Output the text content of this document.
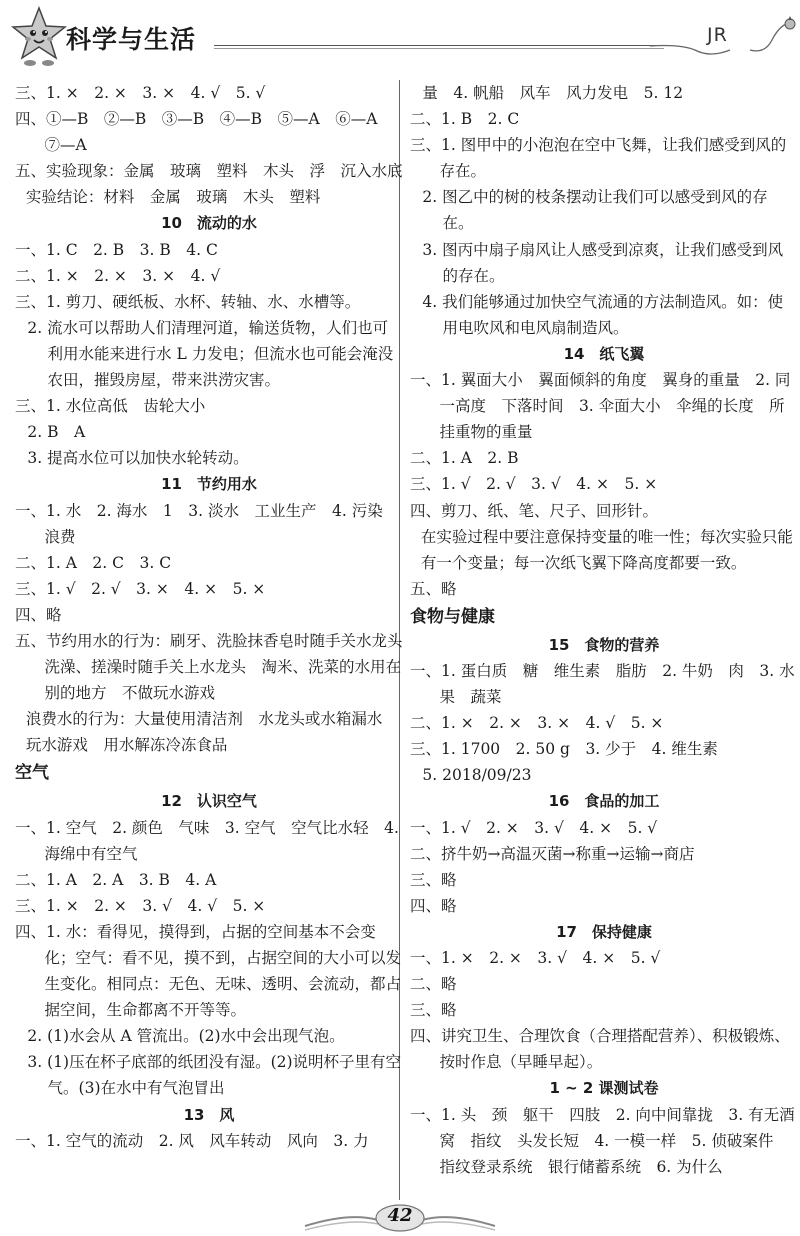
科学与生活	JR
三、1. ×　2. ×　3. ×　4. √　5. √
四、①—B　②—B　③—B　④—B　⑤—A　⑥—A　⑦—A
五、实验现象：金属　玻璃　塑料　木头　浮　沉入水底
实验结论：材料　金属　玻璃　木头　塑料
10　流动的水
一、1. C　2. B　3. B　4. C
二、1. ×　2. ×　3. ×　4. √
三、1. 剪刀、硬纸板、水杯、转轴、水、水槽等。
2. 流水可以帮助人们清理河道，输送货物，人们也可利用水能来进行水 L 力发电；但流水也可能会淹没农田，摧毁房屋，带来洪涝灾害。
三、1. 水位高低　齿轮大小
2. B　A
3. 提高水位可以加快水轮转动。
11　节约用水
一、1. 水　2. 海水　1　3. 淡水　工业生产　4. 污染　浪费
二、1. A　2. C　3. C
三、1. √　2. √　3. ×　4. ×　5. ×
四、略
五、节约用水的行为：刷牙、洗脸抹香皂时随手关水龙头　洗澡、搓澡时随手关上水龙头　淘米、洗菜的水用在别的地方　不做玩水游戏
浪费水的行为：大量使用清洁剂　水龙头或水箱漏水　玩水游戏　用水解冻冷冻食品
空气
12　认识空气
一、1. 空气　2. 颜色　气味　3. 空气　空气比水轻　4. 海绵中有空气
二、1. A　2. A　3. B　4. A
三、1. ×　2. ×　3. √　4. √　5. ×
四、1. 水：看得见，摸得到，占据的空间基本不会变化；空气：看不见，摸不到，占据空间的大小可以发生变化。相同点：无色、无味、透明、会流动，都占据空间，生命都离不开等等。
2. (1)水会从 A 管流出。(2)水中会出现气泡。
3. (1)压在杯子底部的纸团没有湿。(2)说明杯子里有空气。(3)在水中有气泡冒出
13　风
一、1. 空气的流动　2. 风　风车转动　风向　3. 力
量　4. 帆船　风车　风力发电　5. 12
二、1. B　2. C
三、1. 图甲中的小泡泡在空中飞舞，让我们感受到风的存在。
2. 图乙中的树的枝条摆动让我们可以感受到风的存在。
3. 图丙中扇子扇风让人感受到凉爽，让我们感受到风的存在。
4. 我们能够通过加快空气流通的方法制造风。如：使用电吹风和电风扇制造风。
14　纸飞翼
一、1. 翼面大小　翼面倾斜的角度　翼身的重量　2. 同一高度　下落时间　3. 伞面大小　伞绳的长度　所挂重物的重量
二、1. A　2. B
三、1. √　2. √　3. √　4. ×　5. ×
四、剪刀、纸、笔、尺子、回形针。
在实验过程中要注意保持变量的唯一性；每次实验只能有一个变量；每一次纸飞翼下降高度都要一致。
五、略
食物与健康
15　食物的营养
一、1. 蛋白质　糖　维生素　脂肪　2. 牛奶　肉　3. 水果　蔬菜
二、1. ×　2. ×　3. ×　4. √　5. ×
三、1. 1700　2. 50 g　3. 少于　4. 维生素
5. 2018/09/23
16　食品的加工
一、1. √　2. ×　3. √　4. ×　5. √
二、挤牛奶→高温灭菌→称重→运输→商店
三、略
四、略
17　保持健康
一、1. ×　2. ×　3. √　4. ×　5. √
二、略
三、略
四、讲究卫生、合理饮食（合理搭配营养）、积极锻炼、按时作息（早睡早起）。
1 ~ 2 课测试卷
一、1. 头　颈　躯干　四肢　2. 向中间靠拢　3. 有无酒窝　指纹　头发长短　4. 一模一样　5. 侦破案件　指纹登录系统　银行储蓄系统　6. 为什么
42
